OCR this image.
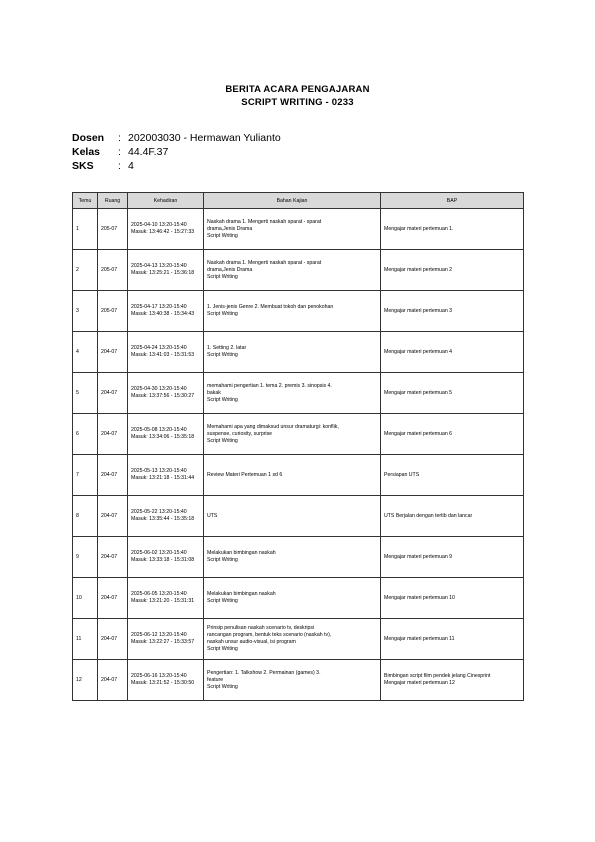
BERITA ACARA PENGAJARAN
SCRIPT WRITING - 0233
Dosen	: 202003030 - Hermawan Yulianto
Kelas	: 44.4F.37
SKS	: 4
Temu	Ruang	Kehadiran	Bahan Kajian	BAP
1	205-07	2025-04-10 13:20-15:40
Masuk: 13:46:42 - 15:27:33	Naskah drama 1. Mengerti naskah sparat - sparat
drama,Jenis Drama
Script Writing	Mengajar materi pertemuan 1.

2	205-07	2025-04-13 13:20-15:40
Masuk: 13:25:21 - 15:36:18	Naskah drama 1. Mengerti naskah sparat - sparat
drama,Jenis Drama
Script Writing	Mengajar materi pertemuan 2

3	205-07	2025-04-17 13:20-15:40
Masuk: 13:40:38 - 15:34:43	1. Jenis-jenis Genre 2. Membuat tokoh dan penokohan
Script Writing	Mengajar materi pertemuan 3

4	204-07	2025-04-24 13:20-15:40
Masuk: 13:41:03 - 15:31:53	1. Setting 2. latar
Script Writing	Mengajar materi pertemuan 4

5	204-07	2025-04-30 13:20-15:40
Masuk: 13:37:56 - 15:30:27	memahami pengertian 1. tema 2. premis 3. sinopsis 4.
bakak
Script Writing	Mengajar materi pertemuan 5

6	204-07	2025-05-08 13:20-15:40
Masuk: 13:34:06 - 15:35:18	Memahami apa yang dimaksud unsur dramaturgi: konflik,
suspense, curiosity, surprise
Script Writing	Mengajar materi pertemuan 6

7	204-07	2025-05-13 13:20-15:40
Masuk: 13:21:18 - 15:31:44	Review Materi Pertemuan 1 sd 6	Persiapan UTS

8	204-07	2025-05-22 13:20-15:40
Masuk: 13:35:44 - 15:35:18	UTS	UTS Berjalan dengan tertib dan lancar

9	204-07	2025-06-02 13:20-15:40
Masuk: 13:33:18 - 15:31:08	Melakukan bimbingan naskah
Script Writing	Mengajar materi pertemuan 9

10	204-07	2025-06-05 13:20-15:40
Masuk: 13:21:20 - 15:31:31	Melakukan bimbingan naskah
Script Writing	Mengajar materi pertemuan 10

11	204-07	2025-06-12 13:20-15:40
Masuk: 13:22:27 - 15:33:57	Prinsip penulisan naskah scenario tv, deskripsi
rancangan program, bentuk teks scenario (naskah tv),
naskah unsur audio-visual, isi program
Script Writing	Mengajar materi pertemuan 11

12	204-07	2025-06-16 13:20-15:40
Masuk: 13:21:52 - 15:30:50	Pengertian: 1. Talkshow 2. Permainan (games) 3.
feature
Script Writing	Bimbingan script film pendek jelang Cinesprint
Mengajar materi pertemuan 12
